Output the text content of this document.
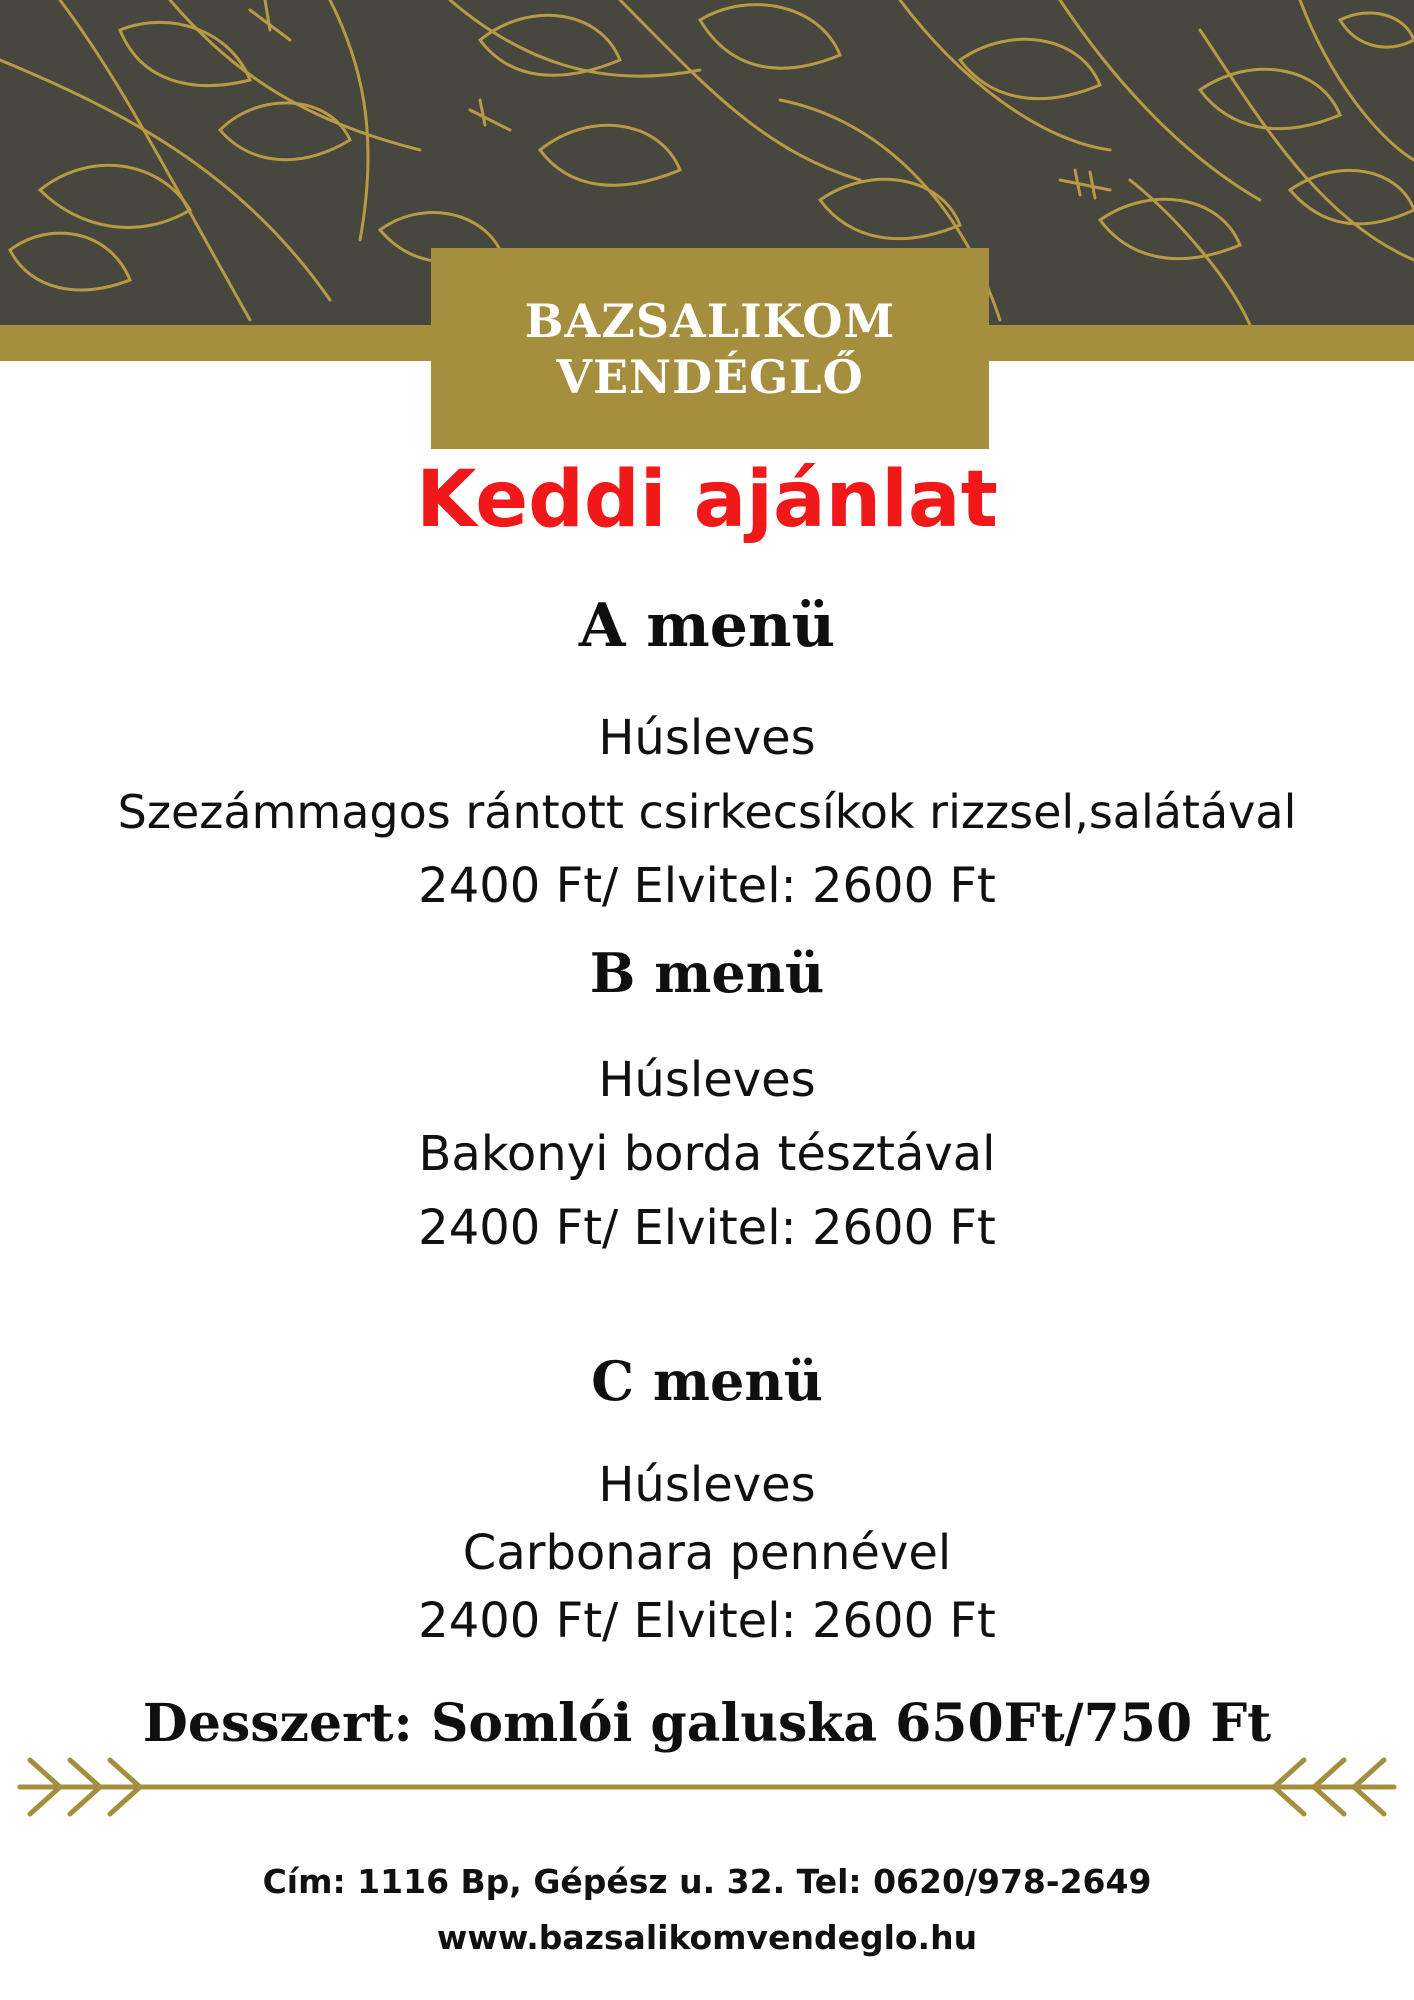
BAZSALIKOM
VENDÉGLŐ
Keddi ajánlat
A menü
Húsleves
Szezámmagos rántott csirkecsíkok rizzsel,salátával
2400 Ft/ Elvitel: 2600 Ft
B menü
Húsleves
Bakonyi borda tésztával
2400 Ft/ Elvitel: 2600 Ft
C menü
Húsleves
Carbonara pennével
2400 Ft/ Elvitel: 2600 Ft
Desszert: Somlói galuska 650Ft/750 Ft
Cím: 1116 Bp, Gépész u. 32. Tel: 0620/978-2649
www.bazsalikomvendeglo.hu
